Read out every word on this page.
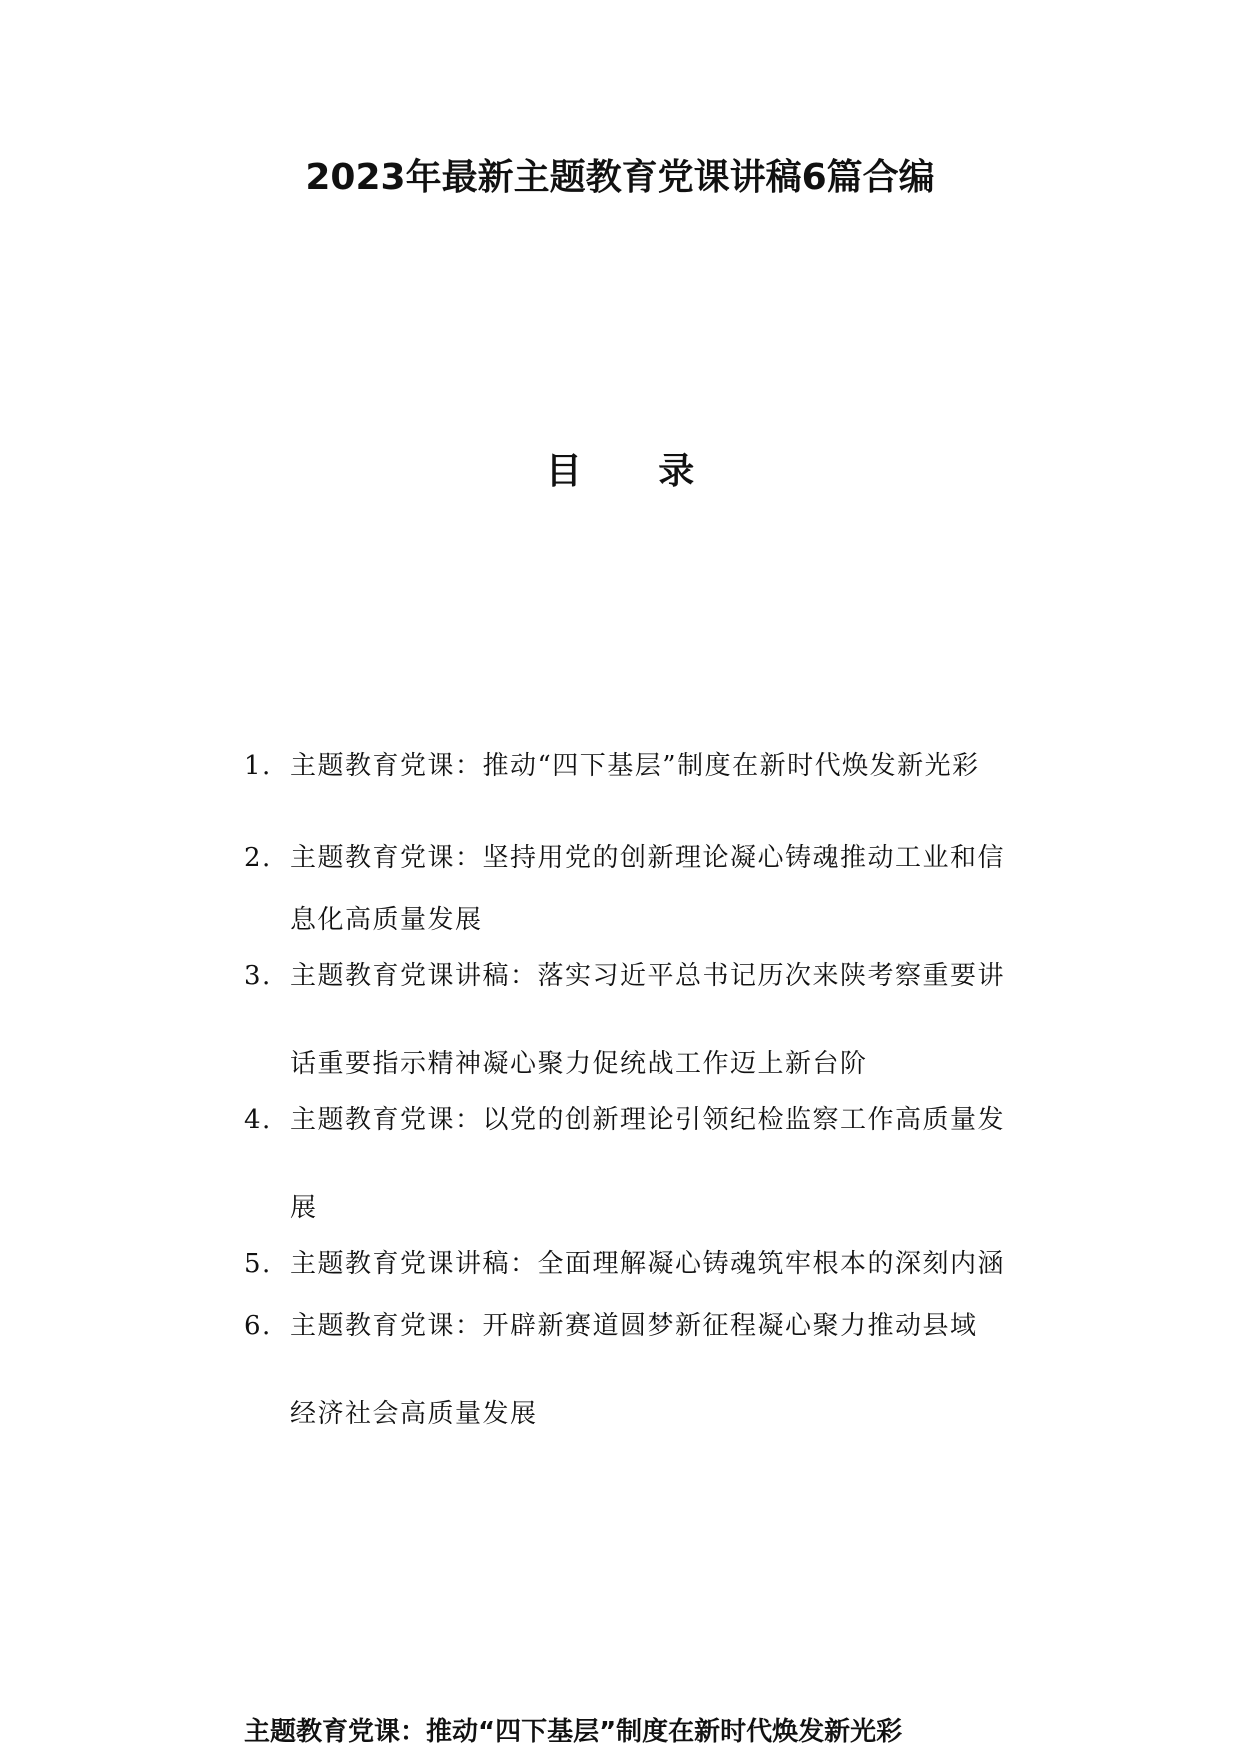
2023年最新主题教育党课讲稿6篇合编
目 录
1. 主题教育党课：推动“四下基层”制度在新时代焕发新光彩
2. 主题教育党课：坚持用党的创新理论凝心铸魂推动工业和信
息化高质量发展
3. 主题教育党课讲稿：落实习近平总书记历次来陕考察重要讲
话重要指示精神凝心聚力促统战工作迈上新台阶
4. 主题教育党课：以党的创新理论引领纪检监察工作高质量发
展
5. 主题教育党课讲稿：全面理解凝心铸魂筑牢根本的深刻内涵
6. 主题教育党课：开辟新赛道圆梦新征程凝心聚力推动县域
经济社会高质量发展
主题教育党课：推动“四下基层”制度在新时代焕发新光彩
